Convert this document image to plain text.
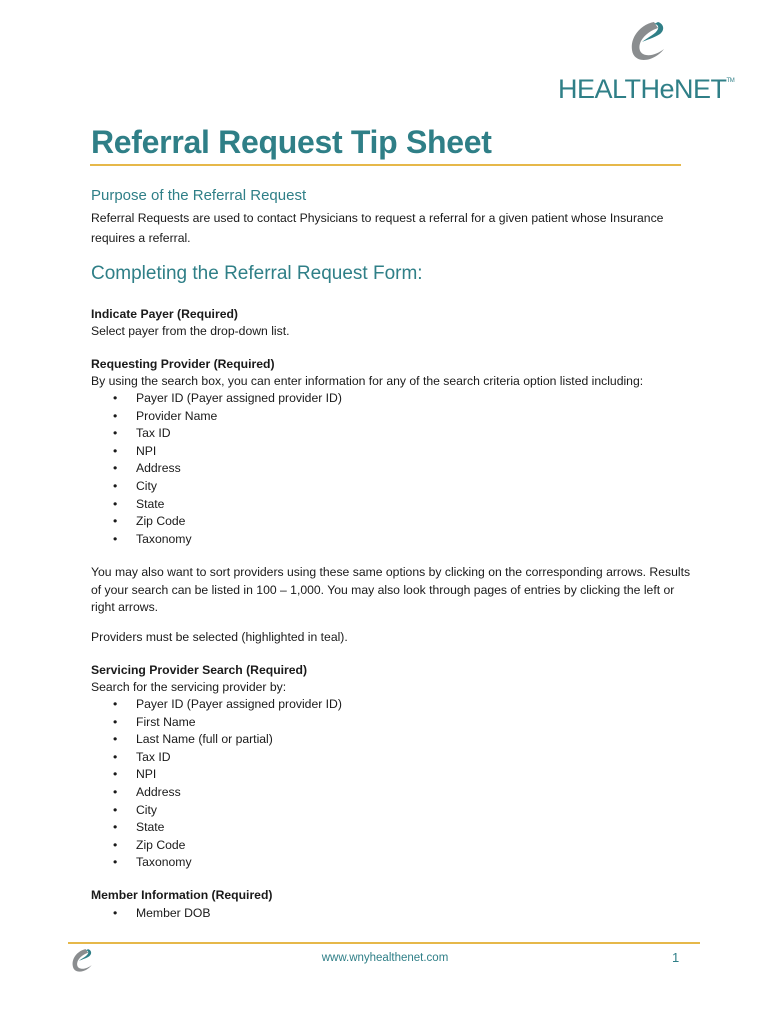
HEALTHeNET™
Referral Request Tip Sheet
Purpose of the Referral Request

Referral Requests are used to contact Physicians to request a referral for a given patient whose Insurance requires a referral.

Completing the Referral Request Form:

Indicate Payer (Required)

Select payer from the drop-down list.

Requesting Provider (Required)

By using the search box, you can enter information for any of the search criteria option listed including:

• Payer ID (Payer assigned provider ID)
• Provider Name
• Tax ID
• NPI
• Address
• City
• State
• Zip Code
• Taxonomy

You may also want to sort providers using these same options by clicking on the corresponding arrows. Results of your search can be listed in 100 – 1,000. You may also look through pages of entries by clicking the left or right arrows.

Providers must be selected (highlighted in teal).

Servicing Provider Search (Required)

Search for the servicing provider by:

• Payer ID (Payer assigned provider ID)
• First Name
• Last Name (full or partial)
• Tax ID
• NPI
• Address
• City
• State
• Zip Code
• Taxonomy

Member Information (Required)

• Member DOB
www.wnyhealthenet.com	1
